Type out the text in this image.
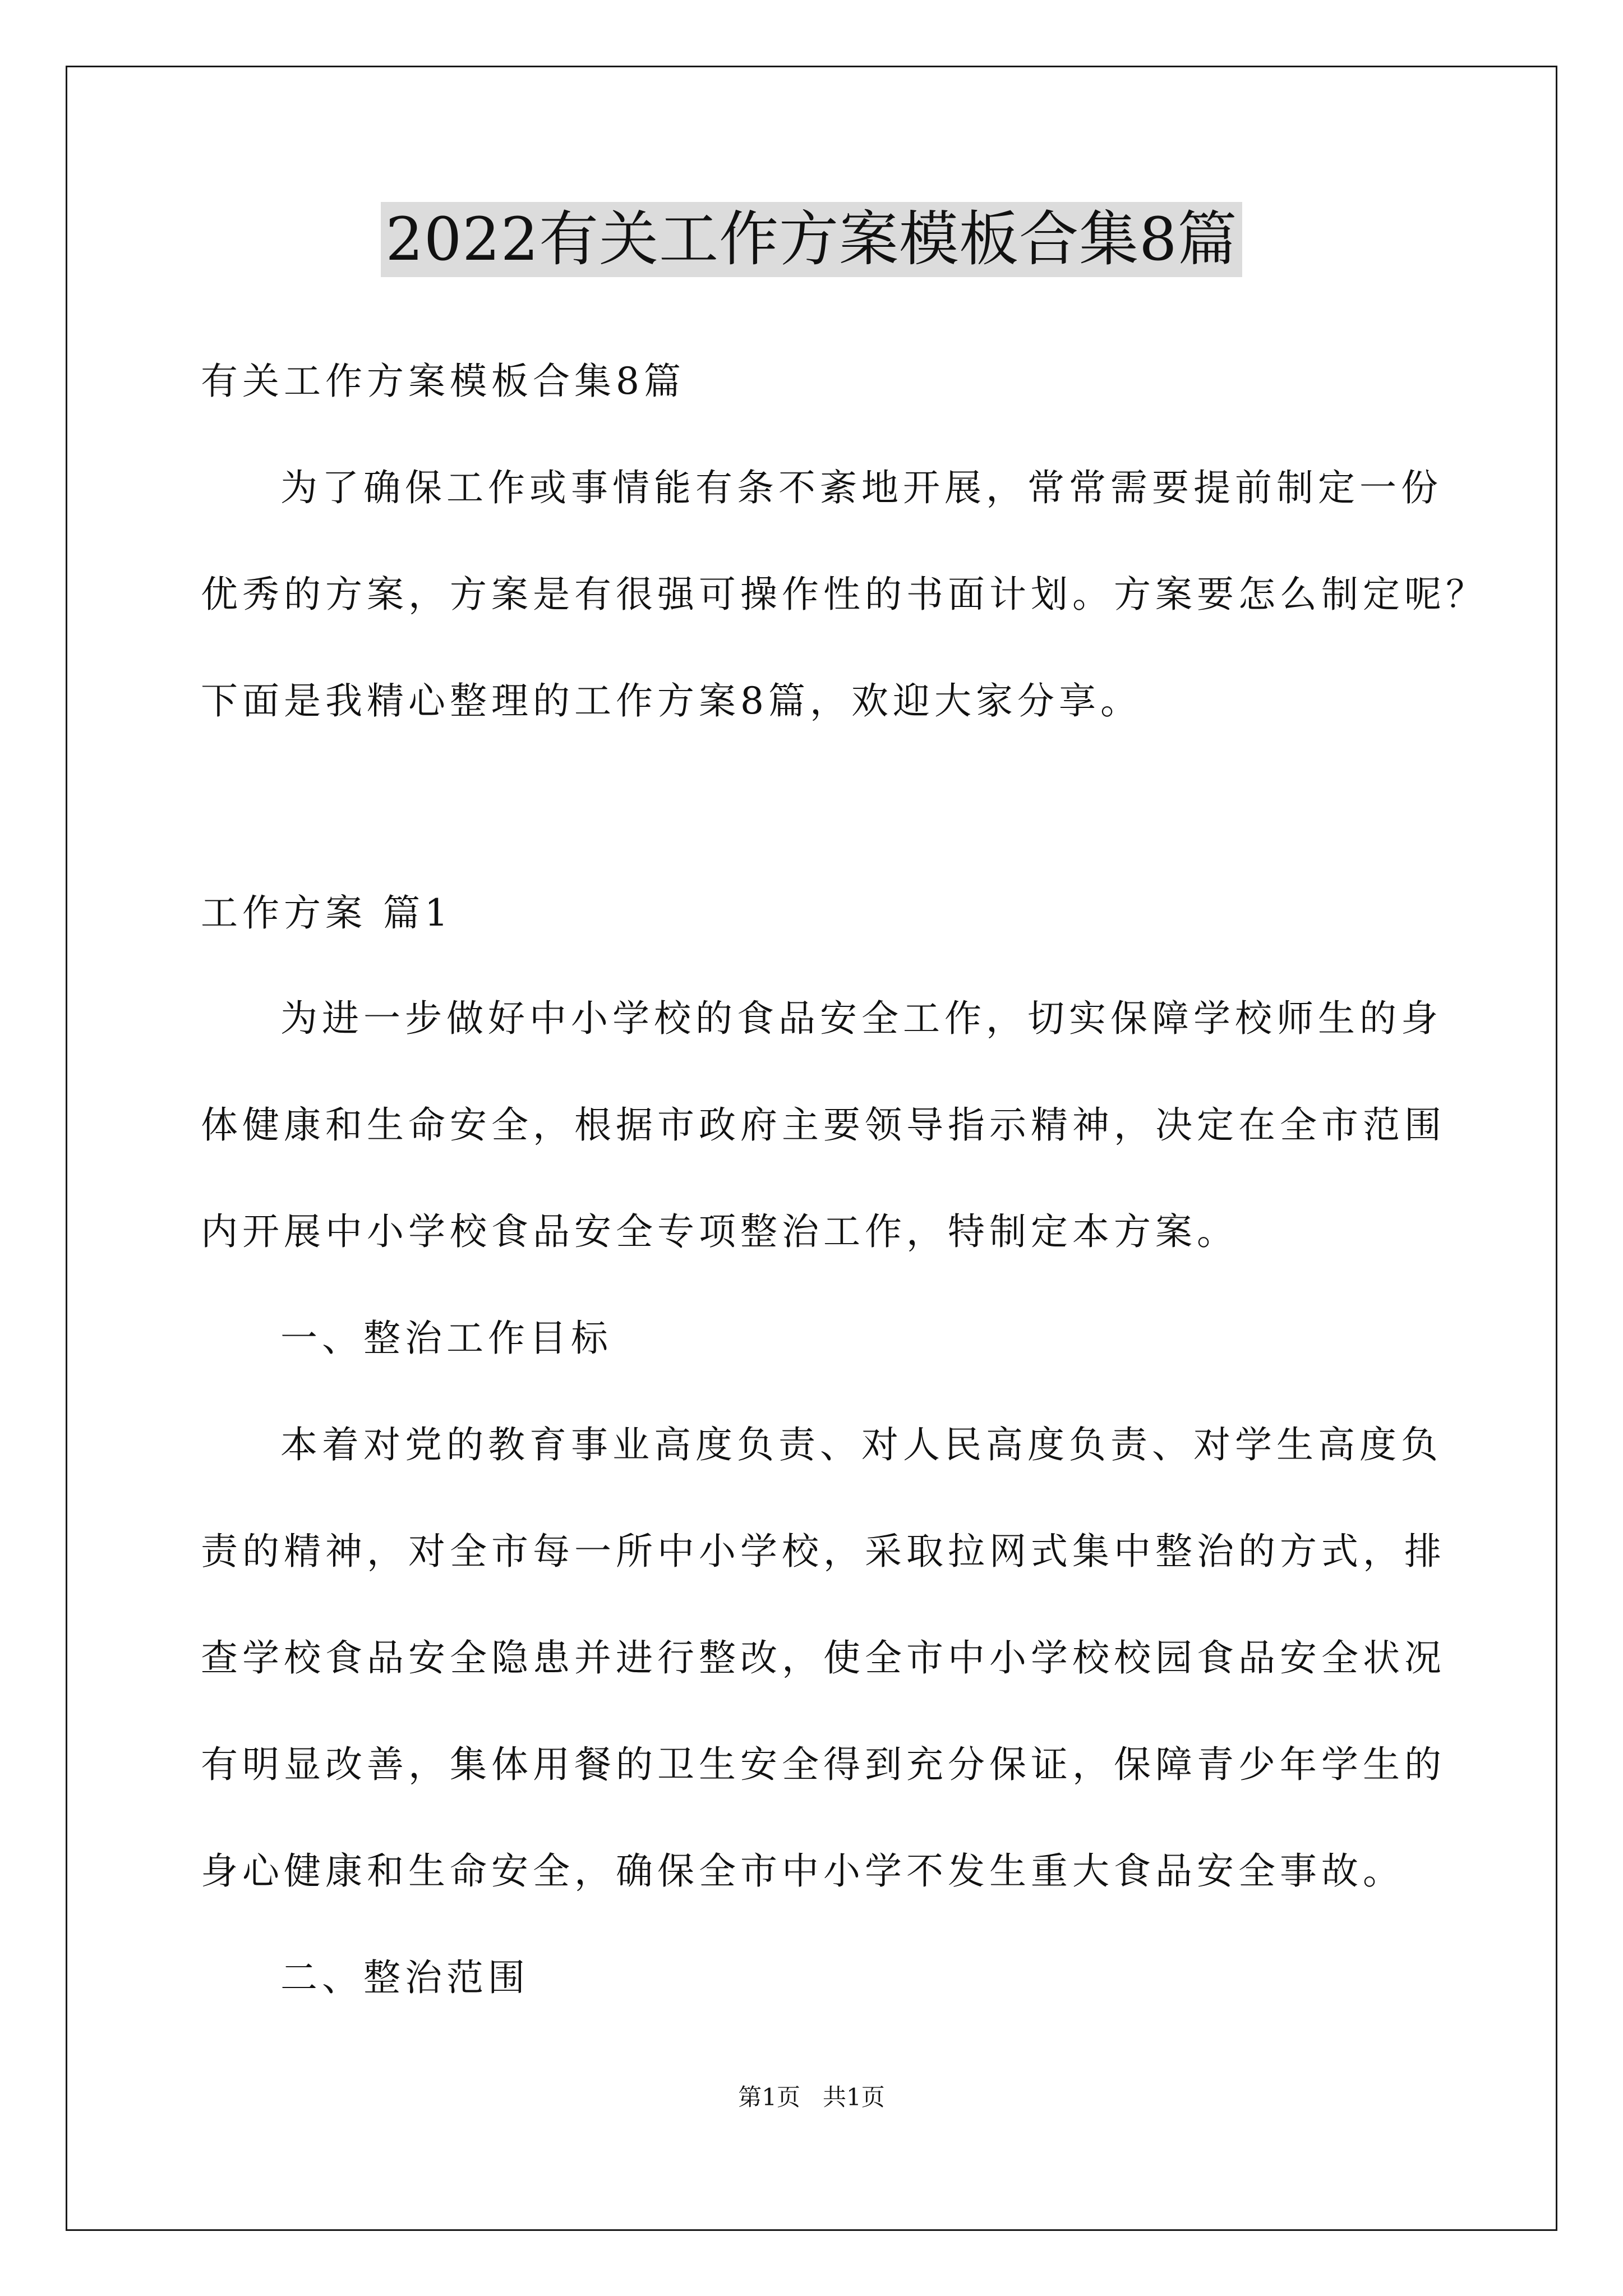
2022有关工作方案模板合集8篇
有关工作方案模板合集8篇
为了确保工作或事情能有条不紊地开展，常常需要提前制定一份
优秀的方案，方案是有很强可操作性的书面计划。方案要怎么制定呢？
下面是我精心整理的工作方案8篇，欢迎大家分享。
工作方案 篇1
为进一步做好中小学校的食品安全工作，切实保障学校师生的身
体健康和生命安全，根据市政府主要领导指示精神，决定在全市范围
内开展中小学校食品安全专项整治工作，特制定本方案。
一、整治工作目标
本着对党的教育事业高度负责、对人民高度负责、对学生高度负
责的精神，对全市每一所中小学校，采取拉网式集中整治的方式，排
查学校食品安全隐患并进行整改，使全市中小学校校园食品安全状况
有明显改善，集体用餐的卫生安全得到充分保证，保障青少年学生的
身心健康和生命安全，确保全市中小学不发生重大食品安全事故。
二、整治范围
第1页   共1页
